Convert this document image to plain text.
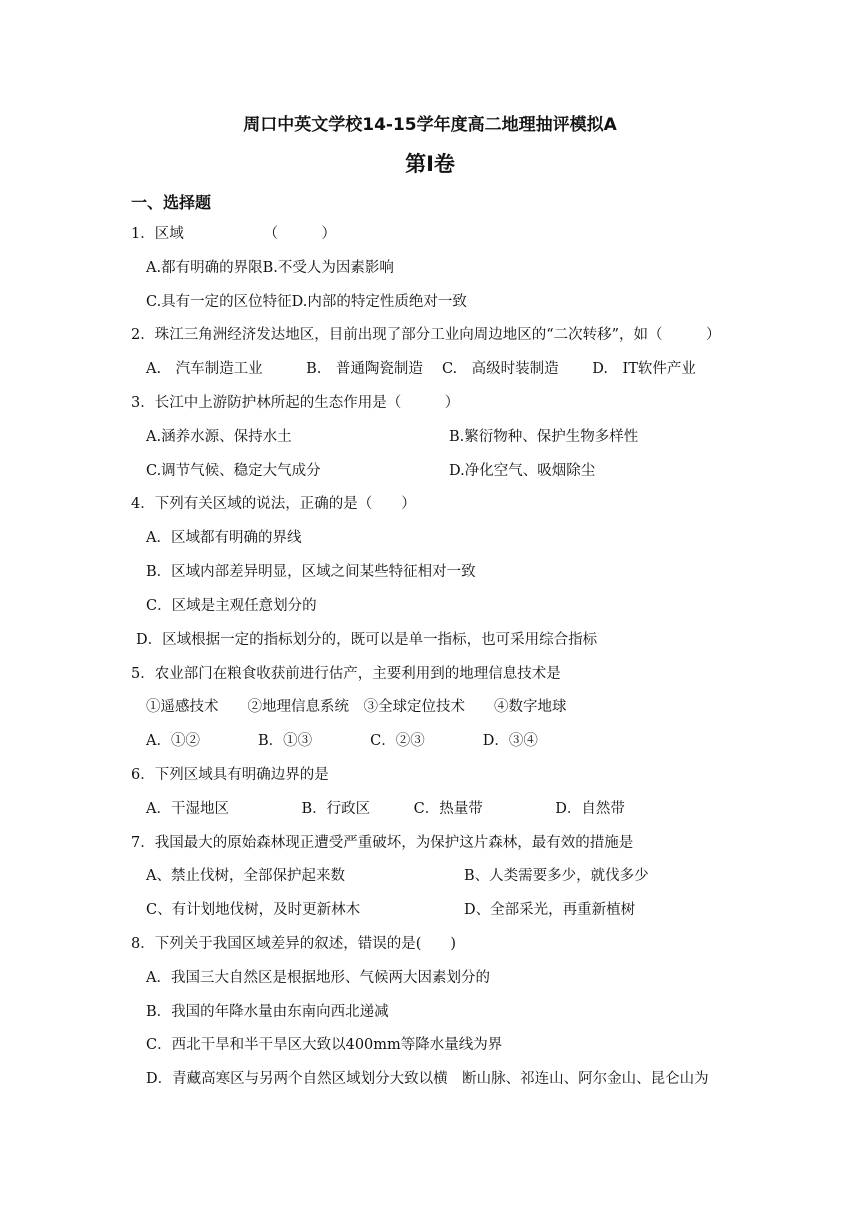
周口中英文学校14-15学年度高二地理抽评模拟A
第Ⅰ卷
一、选择题
1．区域　　　　　　（　　　）
A.都有明确的界限B.不受人为因素影响
C.具有一定的区位特征D.内部的特定性质绝对一致
2．珠江三角洲经济发达地区，目前出现了部分工业向周边地区的“二次转移”，如（　　　）
A.　汽车制造工业　　　B.　普通陶瓷制造　 C.　高级时装制造　　 D.　IT软件产业
3．长江中上游防护林所起的生态作用是（　　　）
A.涵养水源、保持水土	B.繁衍物种、保护生物多样性
C.调节气候、稳定大气成分	D.净化空气、吸烟除尘
4．下列有关区域的说法，正确的是（　　）
A．区域都有明确的界线
B．区域内部差异明显，区域之间某些特征相对一致
C．区域是主观任意划分的
D．区域根据一定的指标划分的，既可以是单一指标，也可采用综合指标
5．农业部门在粮食收获前进行估产，主要利用到的地理信息技术是
①遥感技术　　②地理信息系统　③全球定位技术　　④数字地球
A．①②　　　　B．①③　　　　C．②③　　　　D．③④
6．下列区域具有明确边界的是
A．干湿地区　　　　　B．行政区　　　C．热量带　　　　　D．自然带
7．我国最大的原始森林现正遭受严重破坏，为保护这片森林，最有效的措施是
A、禁止伐树，全部保护起来数	B、人类需要多少，就伐多少
C、有计划地伐树，及时更新林木	D、全部采光，再重新植树
8．下列关于我国区域差异的叙述，错误的是(　　)
A．我国三大自然区是根据地形、气候两大因素划分的
B．我国的年降水量由东南向西北递减
C．西北干旱和半干旱区大致以400mm等降水量线为界
D．青藏高寒区与另两个自然区域划分大致以横　断山脉、祁连山、阿尔金山、昆仑山为
